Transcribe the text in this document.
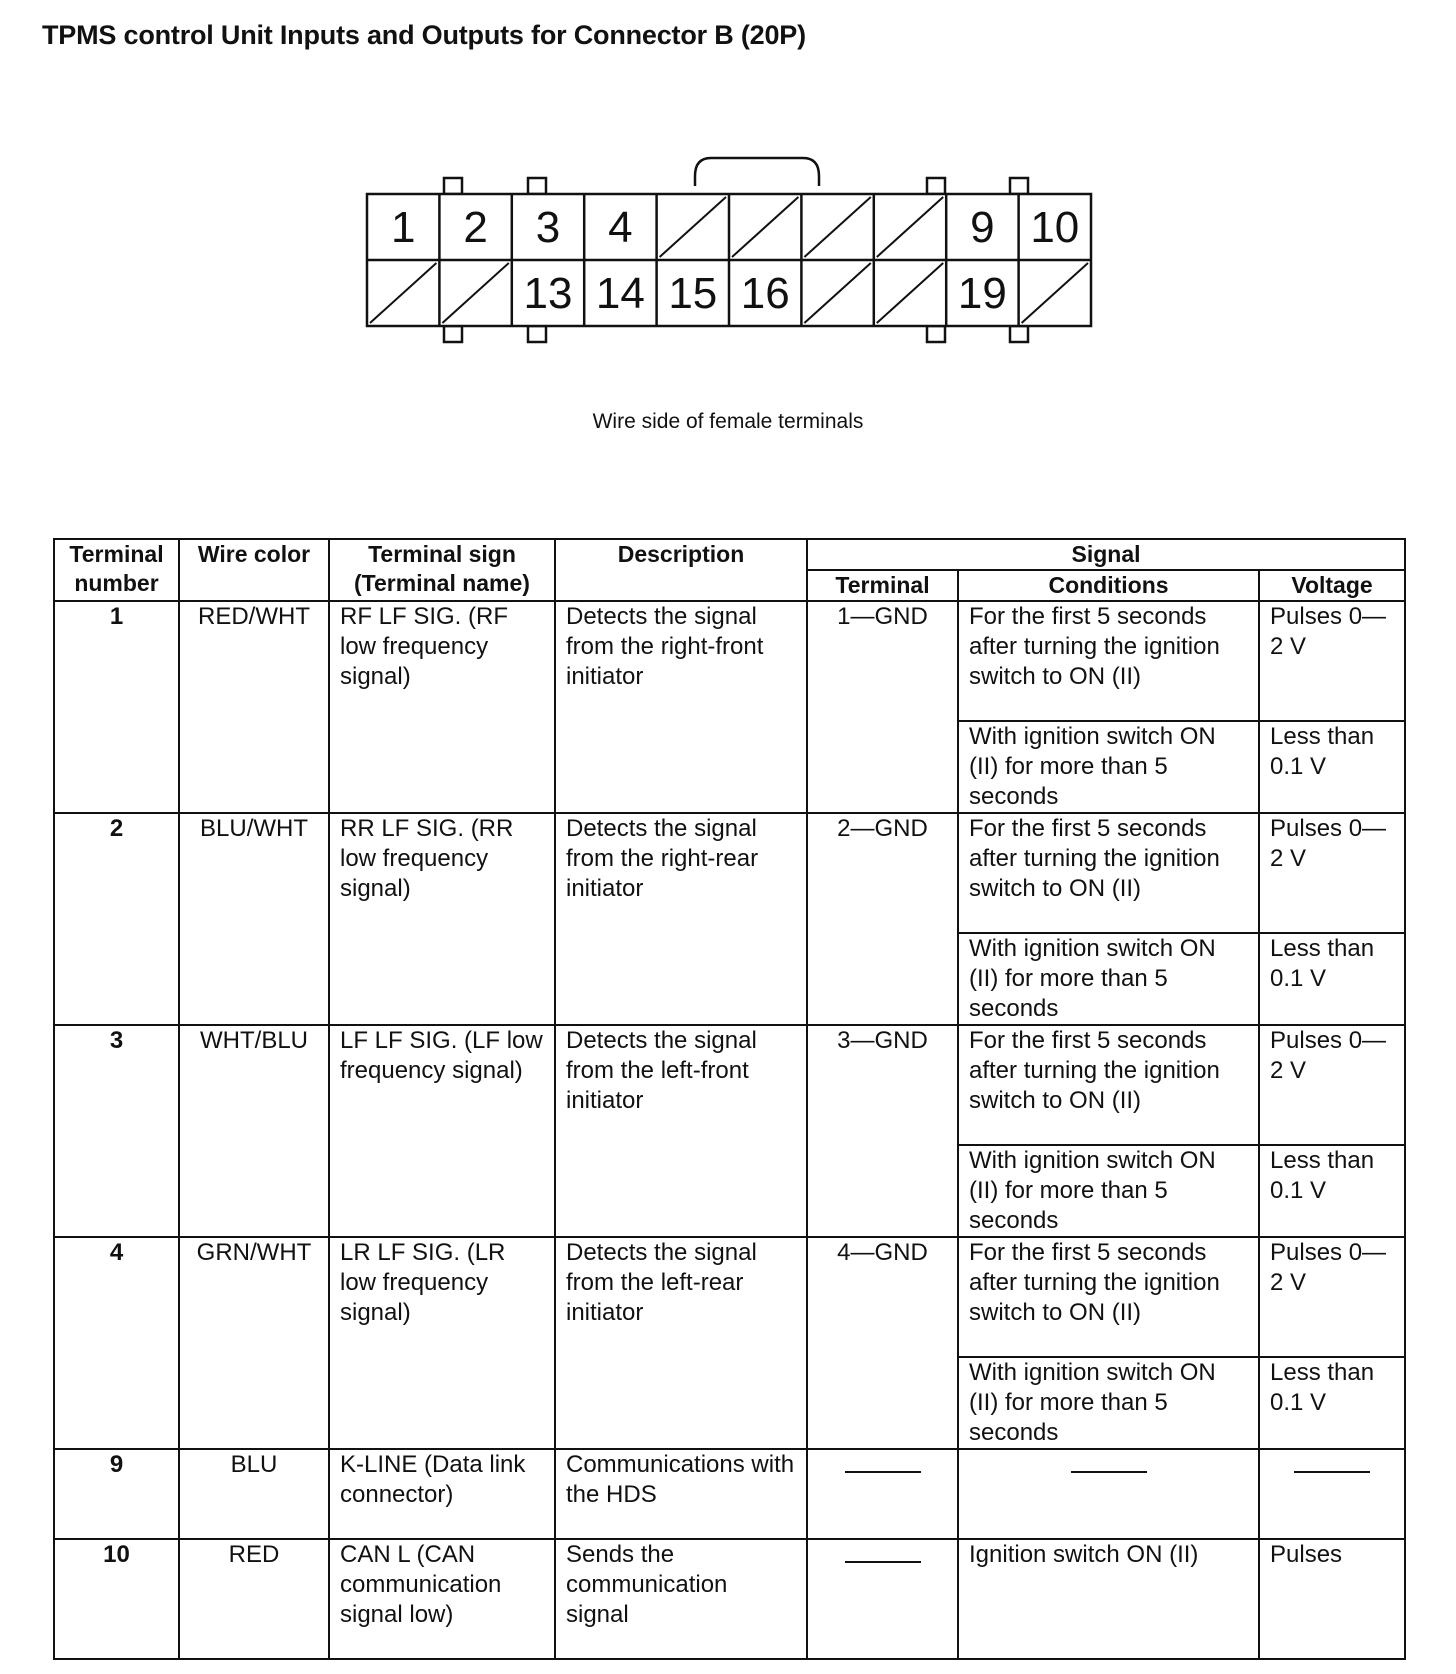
TPMS control Unit Inputs and Outputs for Connector B (20P)
1 2 3 4	9 10
13 14 15 16	19
Wire side of female terminals
Terminal number	Wire color	Terminal sign (Terminal name)	Description	Signal		
				Terminal	Conditions	Voltage
1	RED/WHT	RF LF SIG. (RF low frequency signal)	Detects the signal from the right-front initiator	1—GND	For the first 5 seconds after turning the ignition switch to ON (II)	Pulses 0—2 V
					With ignition switch ON (II) for more than 5 seconds	Less than 0.1 V
2	BLU/WHT	RR LF SIG. (RR low frequency signal)	Detects the signal from the right-rear initiator	2—GND	For the first 5 seconds after turning the ignition switch to ON (II)	Pulses 0—2 V
					With ignition switch ON (II) for more than 5 seconds	Less than 0.1 V
3	WHT/BLU	LF LF SIG. (LF low frequency signal)	Detects the signal from the left-front initiator	3—GND	For the first 5 seconds after turning the ignition switch to ON (II)	Pulses 0—2 V
					With ignition switch ON (II) for more than 5 seconds	Less than 0.1 V
4	GRN/WHT	LR LF SIG. (LR low frequency signal)	Detects the signal from the left-rear initiator	4—GND	For the first 5 seconds after turning the ignition switch to ON (II)	Pulses 0—2 V
					With ignition switch ON (II) for more than 5 seconds	Less than 0.1 V
9	BLU	K-LINE (Data link connector)	Communications with the HDS			
10	RED	CAN L (CAN communication signal low)	Sends the communication signal		Ignition switch ON (II)	Pulses
